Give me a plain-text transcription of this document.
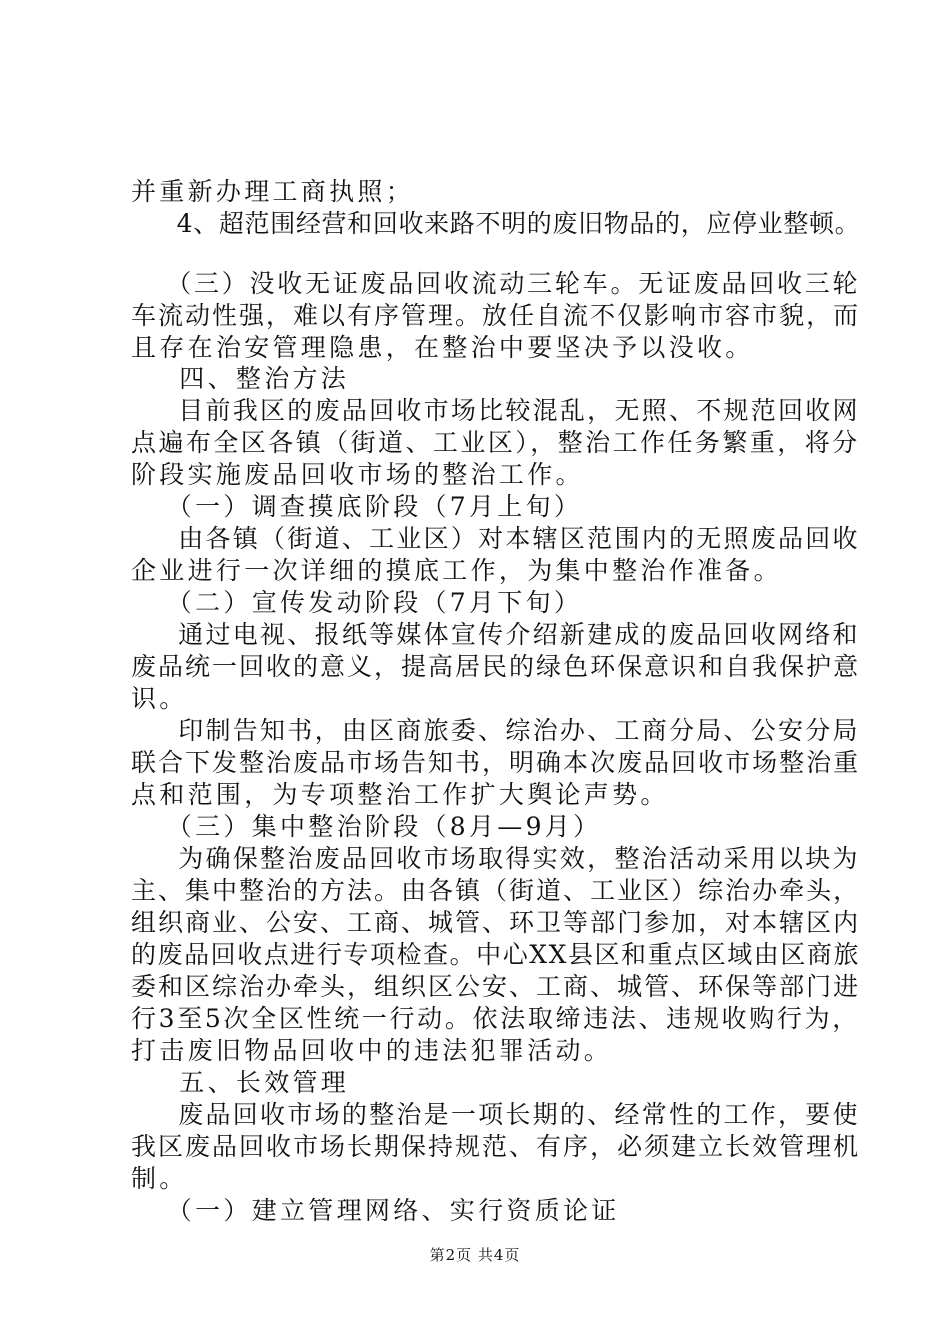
并重新办理工商执照；
　4、超范围经营和回收来路不明的废旧物品的，应停业整顿。
　（三）没收无证废品回收流动三轮车。无证废品回收三轮
车流动性强，难以有序管理。放任自流不仅影响市容市貌，而
且存在治安管理隐患，在整治中要坚决予以没收。
　四、整治方法
　目前我区的废品回收市场比较混乱，无照、不规范回收网
点遍布全区各镇（街道、工业区），整治工作任务繁重，将分
阶段实施废品回收市场的整治工作。
　（一）调查摸底阶段（7月上旬）
　由各镇（街道、工业区）对本辖区范围内的无照废品回收
企业进行一次详细的摸底工作，为集中整治作准备。
　（二）宣传发动阶段（7月下旬）
　通过电视、报纸等媒体宣传介绍新建成的废品回收网络和
废品统一回收的意义，提高居民的绿色环保意识和自我保护意
识。
　印制告知书，由区商旅委、综治办、工商分局、公安分局
联合下发整治废品市场告知书，明确本次废品回收市场整治重
点和范围，为专项整治工作扩大舆论声势。
　（三）集中整治阶段（8月—9月）
　为确保整治废品回收市场取得实效，整治活动采用以块为
主、集中整治的方法。由各镇（街道、工业区）综治办牵头，
组织商业、公安、工商、城管、环卫等部门参加，对本辖区内
的废品回收点进行专项检查。中心XX县区和重点区域由区商旅
委和区综治办牵头，组织区公安、工商、城管、环保等部门进
行3至5次全区性统一行动。依法取缔违法、违规收购行为，
打击废旧物品回收中的违法犯罪活动。
　五、长效管理
　废品回收市场的整治是一项长期的、经常性的工作，要使
我区废品回收市场长期保持规范、有序，必须建立长效管理机
制。
　（一）建立管理网络、实行资质论证
第2页 共4页
